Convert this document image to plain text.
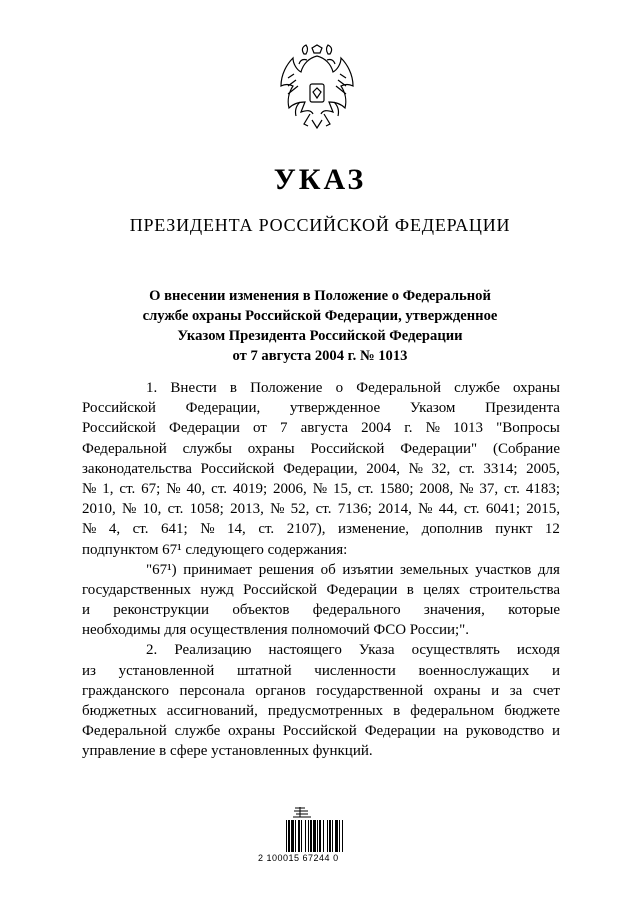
УКАЗ
ПРЕЗИДЕНТА РОССИЙСКОЙ ФЕДЕРАЦИИ
О внесении изменения в Положение о Федеральной
службе охраны Российской Федерации, утвержденное
Указом Президента Российской Федерации
от 7 августа 2004 г. № 1013
1. Внести в Положение о Федеральной службе охраны
Российской Федерации, утвержденное Указом Президента
Российской Федерации от 7 августа 2004 г. № 1013 "Вопросы
Федеральной службы охраны Российской Федерации" (Собрание
законодательства Российской Федерации, 2004, № 32, ст. 3314; 2005,
№ 1, ст. 67; № 40, ст. 4019; 2006, № 15, ст. 1580; 2008, № 37, ст. 4183;
2010, № 10, ст. 1058; 2013, № 52, ст. 7136; 2014, № 44, ст. 6041; 2015,
№ 4, ст. 641; № 14, ст. 2107), изменение, дополнив пункт 12
подпунктом 67¹ следующего содержания:
"67¹) принимает решения об изъятии земельных участков для
государственных нужд Российской Федерации в целях строительства
и реконструкции объектов федерального значения, которые
необходимы для осуществления полномочий ФСО России;".
2. Реализацию настоящего Указа осуществлять исходя
из установленной штатной численности военнослужащих и
гражданского персонала органов государственной охраны и за счет
бюджетных ассигнований, предусмотренных в федеральном бюджете
Федеральной службе охраны Российской Федерации на руководство и
управление в сфере установленных функций.
2 100015 67244 0
